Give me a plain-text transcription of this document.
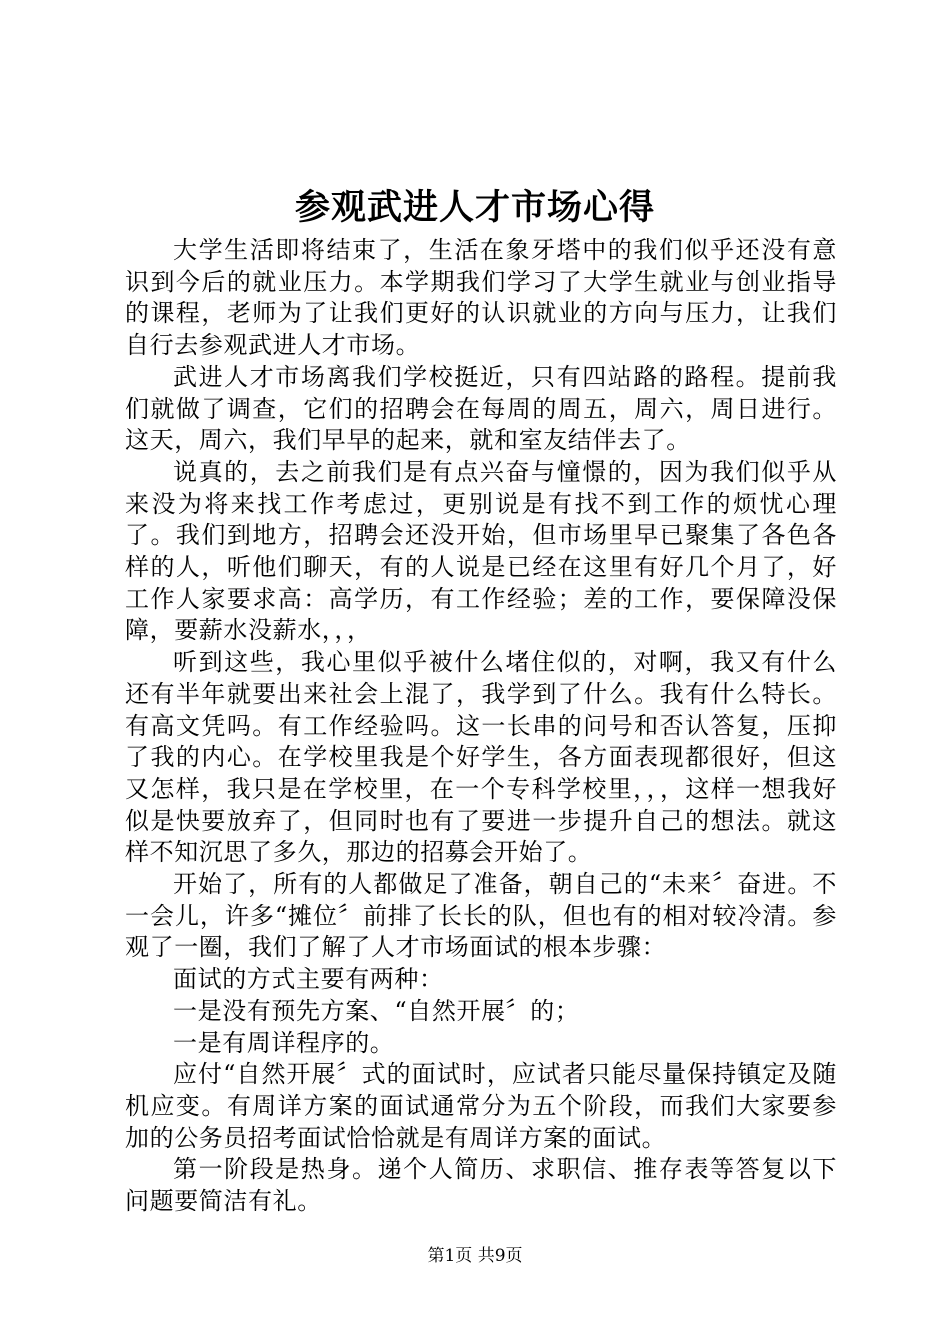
参观武进人才市场心得

大学生活即将结束了，生活在象牙塔中的我们似乎还没有意识到今后的就业压力。本学期我们学习了大学生就业与创业指导的课程，老师为了让我们更好的认识就业的方向与压力，让我们自行去参观武进人才市场。

武进人才市场离我们学校挺近，只有四站路的路程。提前我们就做了调查，它们的招聘会在每周的周五，周六，周日进行。这天，周六，我们早早的起来，就和室友结伴去了。

说真的，去之前我们是有点兴奋与憧憬的，因为我们似乎从来没为将来找工作考虑过，更别说是有找不到工作的烦忧心理了。我们到地方，招聘会还没开始，但市场里早已聚集了各色各样的人，听他们聊天，有的人说是已经在这里有好几个月了，好工作人家要求高：高学历，有工作经验；差的工作，要保障没保障，要薪水没薪水，，，

听到这些，我心里似乎被什么堵住似的，对啊，我又有什么还有半年就要出来社会上混了，我学到了什么。我有什么特长。有高文凭吗。有工作经验吗。这一长串的问号和否认答复，压抑了我的内心。在学校里我是个好学生，各方面表现都很好，但这又怎样，我只是在学校里，在一个专科学校里，，，这样一想我好似是快要放弃了，但同时也有了要进一步提升自己的想法。就这样不知沉思了多久，那边的招募会开始了。

开始了，所有的人都做足了准备，朝自己的“未来〞奋进。不一会儿，许多“摊位〞前排了长长的队，但也有的相对较冷清。参观了一圈，我们了解了人才市场面试的根本步骤：

面试的方式主要有两种：

一是没有预先方案、“自然开展〞的；

一是有周详程序的。

应付“自然开展〞式的面试时，应试者只能尽量保持镇定及随机应变。有周详方案的面试通常分为五个阶段，而我们大家要参加的公务员招考面试恰恰就是有周详方案的面试。

第一阶段是热身。递个人简历、求职信、推存表等答复以下问题要简洁有礼。

第1页 共9页
